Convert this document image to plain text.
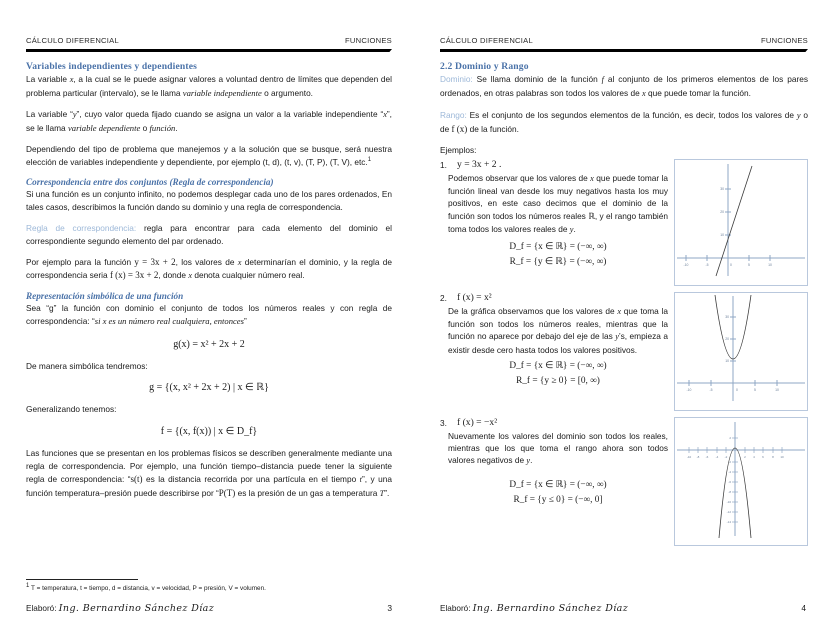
CÁLCULO DIFERENCIAL	FUNCIONES
Variables independientes y dependientes

La variable x, a la cual se le puede asignar valores a voluntad dentro de límites que dependen del problema particular (intervalo), se le llama variable independiente o argumento.

La variable “y”, cuyo valor queda fijado cuando se asigna un valor a la variable independiente “x”, se le llama variable dependiente o función.

Dependiendo del tipo de problema que manejemos y a la solución que se busque, será nuestra elección de variables independiente y dependiente, por ejemplo (t, d), (t, v), (T, P), (T, V), etc.$^1$

Correspondencia entre dos conjuntos (Regla de correspondencia)

Si una función es un conjunto infinito, no podemos desplegar cada uno de los pares ordenados, En tales casos, describimos la función dando su dominio y una regla de correspondencia.

Regla de correspondencia: regla para encontrar para cada elemento del dominio el correspondiente segundo elemento del par ordenado.

Por ejemplo para la función y = 3x + 2, los valores de x determinarían el dominio, y la regla de correspondencia seria f (x) = 3x + 2, donde x denota cualquier número real.

Representación simbólica de una función

Sea “g” la función con dominio el conjunto de todos los números reales y con regla de correspondencia: “si x es un número real cualquiera, entonces”

g(x) = x² + 2x + 2

De manera simbólica tendremos:

g = {(x, x² + 2x + 2) | x ∈ ℝ}

Generalizando tenemos:

f = {(x, f(x)) | x ∈ D_f}

Las funciones que se presentan en los problemas físicos se describen generalmente mediante una regla de correspondencia. Por ejemplo, una función tiempo–distancia puede tener la siguiente regla de correspondencia: “s(t) es la distancia recorrida por una partícula en el tiempo t”, y una función temperatura–presión puede describirse por “P(T) es la presión de un gas a temperatura T”.

$^1$ T = temperatura, t = tiempo, d = distancia, v = velocidad, P = presión, V = volumen.

Elaboró: Ing. Bernardino Sánchez Díaz	3
CÁLCULO DIFERENCIAL	FUNCIONES
2.2 Dominio y Rango

Dominio: Se llama dominio de la función f al conjunto de los primeros elementos de los pares ordenados, en otras palabras son todos los valores de x que puede tomar la función.

Rango: Es el conjunto de los segundos elementos de la función, es decir, todos los valores de y o de f (x) de la función.

Ejemplos:

1.	y = 3x + 2 .

Podemos observar que los valores de x que puede tomar la función lineal van desde los muy negativos hasta los muy positivos, en este caso decimos que el dominio de la función son todos los números reales ℝ, y el rango también toma todos los valores reales de y.

D_f = {x ∈ ℝ} = (−∞, ∞)
R_f = {y ∈ ℝ} = (−∞, ∞)	-10	-5	0	5	10
10
20
30
2.	f (x) = x²

De la gráfica observamos que los valores de x que toma la función son todos los números reales, mientras que la función no aparece por debajo del eje de las y’s, empieza a existir desde cero hasta todos los valores positivos.

D_f = {x ∈ ℝ} = (−∞, ∞)
R_f = {y ≥ 0} = [0, ∞)
-10	-5	0	5	10
10
20
30
3.	f (x) = −x²

Nuevamente los valores del dominio son todos los reales, mientras que los que toma el rango ahora son todos valores negativos de y.

D_f = {x ∈ ℝ} = (−∞, ∞)
R_f = {y ≤ 0} = (−∞, 0]
-10 -8 -6 -4 -2	2 4 6	8 10
2
-2
-4
-6
-8
-10
-12
-14
Elaboró: Ing. Bernardino Sánchez Díaz	4
